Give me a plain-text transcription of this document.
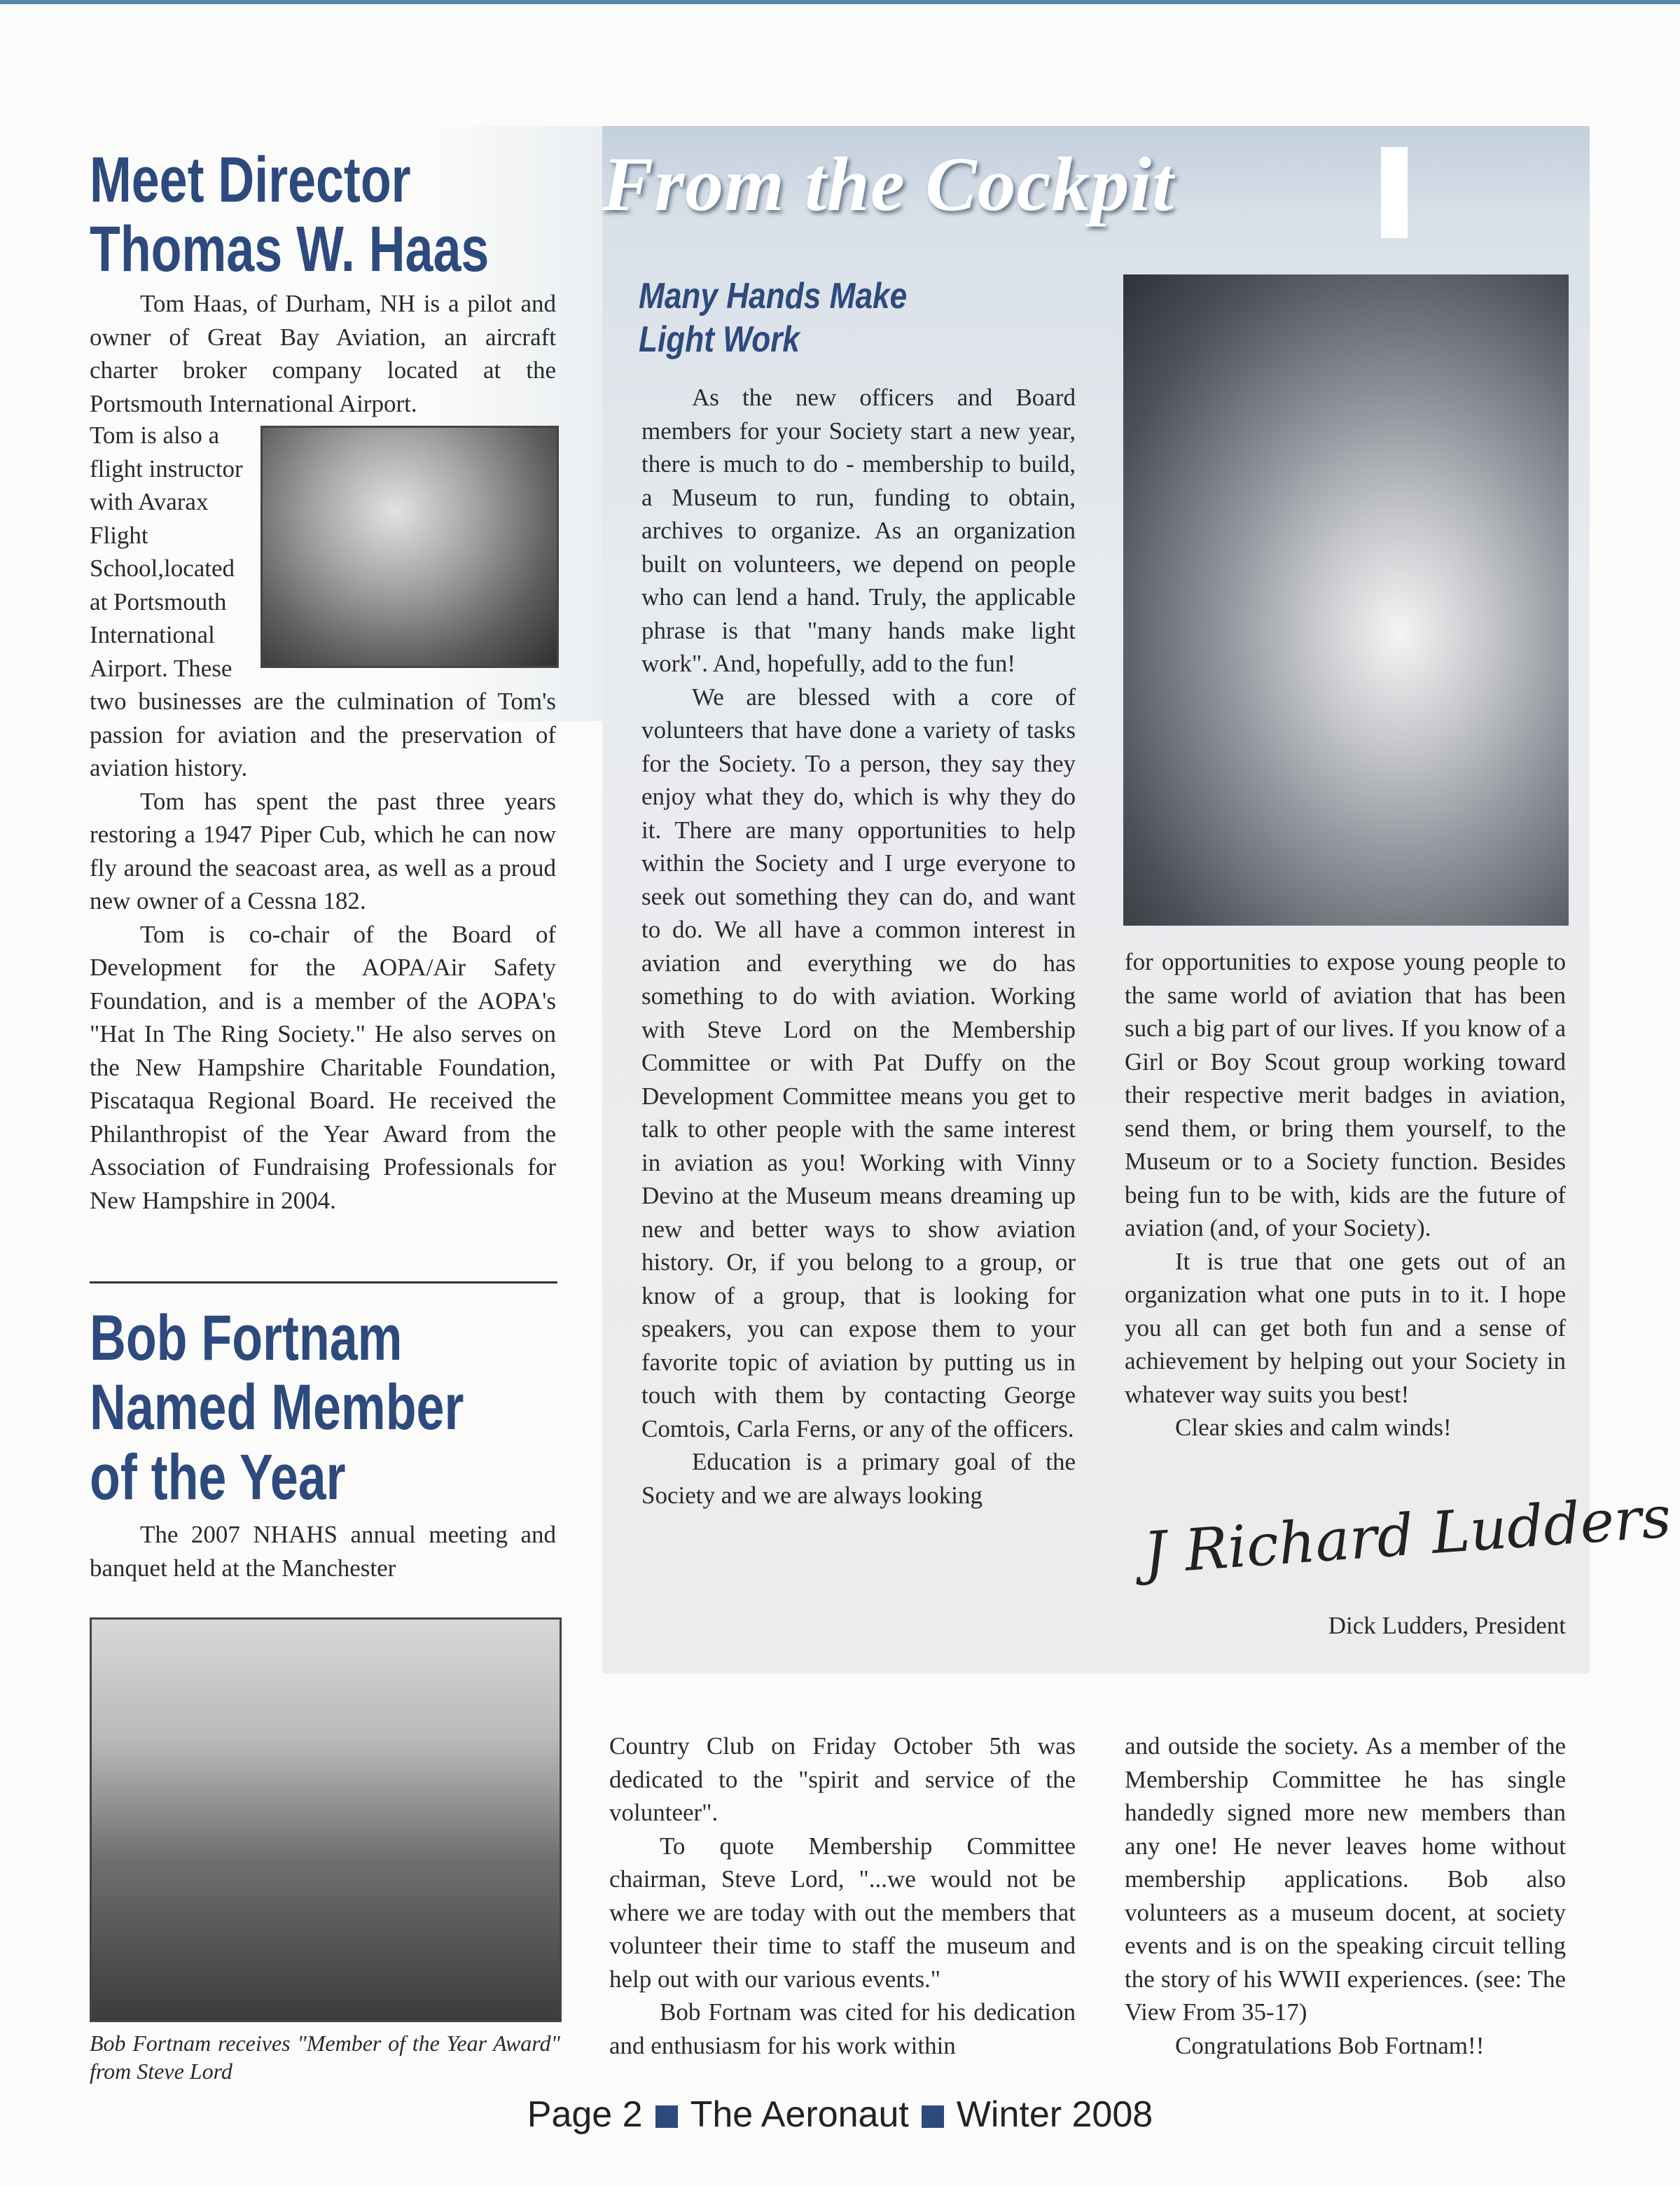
From the Cockpit
Meet Director
Thomas W. Haas

Tom Haas, of Durham, NH is a pilot and owner of Great Bay Aviation, an aircraft charter broker company located at the Portsmouth International Airport.

Tom is also a flight instructor with Avarax Flight School,located at Portsmouth International Airport. These

two businesses are the culmination of Tom's passion for aviation and the preservation of aviation history.

Tom has spent the past three years restoring a 1947 Piper Cub, which he can now fly around the seacoast area, as well as a proud new owner of a Cessna 182.

Tom is co-chair of the Board of Development for the AOPA/Air Safety Foundation, and is a member of the AOPA's "Hat In The Ring Society." He also serves on the New Hampshire Charitable Foundation, Piscataqua Regional Board. He received the Philanthropist of the Year Award from the Association of Fundraising Professionals for New Hampshire in 2004.

Bob Fortnam
Named Member
of the Year

The 2007 NHAHS annual meeting and banquet held at the Manchester

Bob Fortnam receives "Member of the Year Award" from Steve Lord
Many Hands Make
Light Work

As the new officers and Board members for your Society start a new year, there is much to do - membership to build, a Museum to run, funding to obtain, archives to organize. As an organization built on volunteers, we depend on people who can lend a hand. Truly, the applicable phrase is that "many hands make light work". And, hopefully, add to the fun!

We are blessed with a core of volunteers that have done a variety of tasks for the Society. To a person, they say they enjoy what they do, which is why they do it. There are many opportunities to help within the Society and I urge everyone to seek out something they can do, and want to do. We all have a common interest in aviation and everything we do has something to do with aviation. Working with Steve Lord on the Membership Committee or with Pat Duffy on the Development Committee means you get to talk to other people with the same interest in aviation as you! Working with Vinny Devino at the Museum means dreaming up new and better ways to show aviation history. Or, if you belong to a group, or know of a group, that is looking for speakers, you can expose them to your favorite topic of aviation by putting us in touch with them by contacting George Comtois, Carla Ferns, or any of the officers.

Education is a primary goal of the Society and we are always looking

for opportunities to expose young people to the same world of aviation that has been such a big part of our lives. If you know of a Girl or Boy Scout group working toward their respective merit badges in aviation, send them, or bring them yourself, to the Museum or to a Society function. Besides being fun to be with, kids are the future of aviation (and, of your Society).

It is true that one gets out of an organization what one puts in to it. I hope you all can get both fun and a sense of achievement by helping out your Society in whatever way suits you best!

Clear skies and calm winds!

J Richard Ludders

Dick Ludders, President

Country Club on Friday October 5th was dedicated to the "spirit and service of the volunteer".

To quote Membership Committee chairman, Steve Lord, "...we would not be where we are today with out the members that volunteer their time to staff the museum and help out with our various events."

Bob Fortnam was cited for his dedication and enthusiasm for his work within

and outside the society. As a member of the Membership Committee he has single handedly signed more new members than any one! He never leaves home without membership applications. Bob also volunteers as a museum docent, at society events and is on the speaking circuit telling the story of his WWII experiences. (see: The View From 35-17)

Congratulations Bob Fortnam!!

Page 2 The Aeronaut Winter 2008
